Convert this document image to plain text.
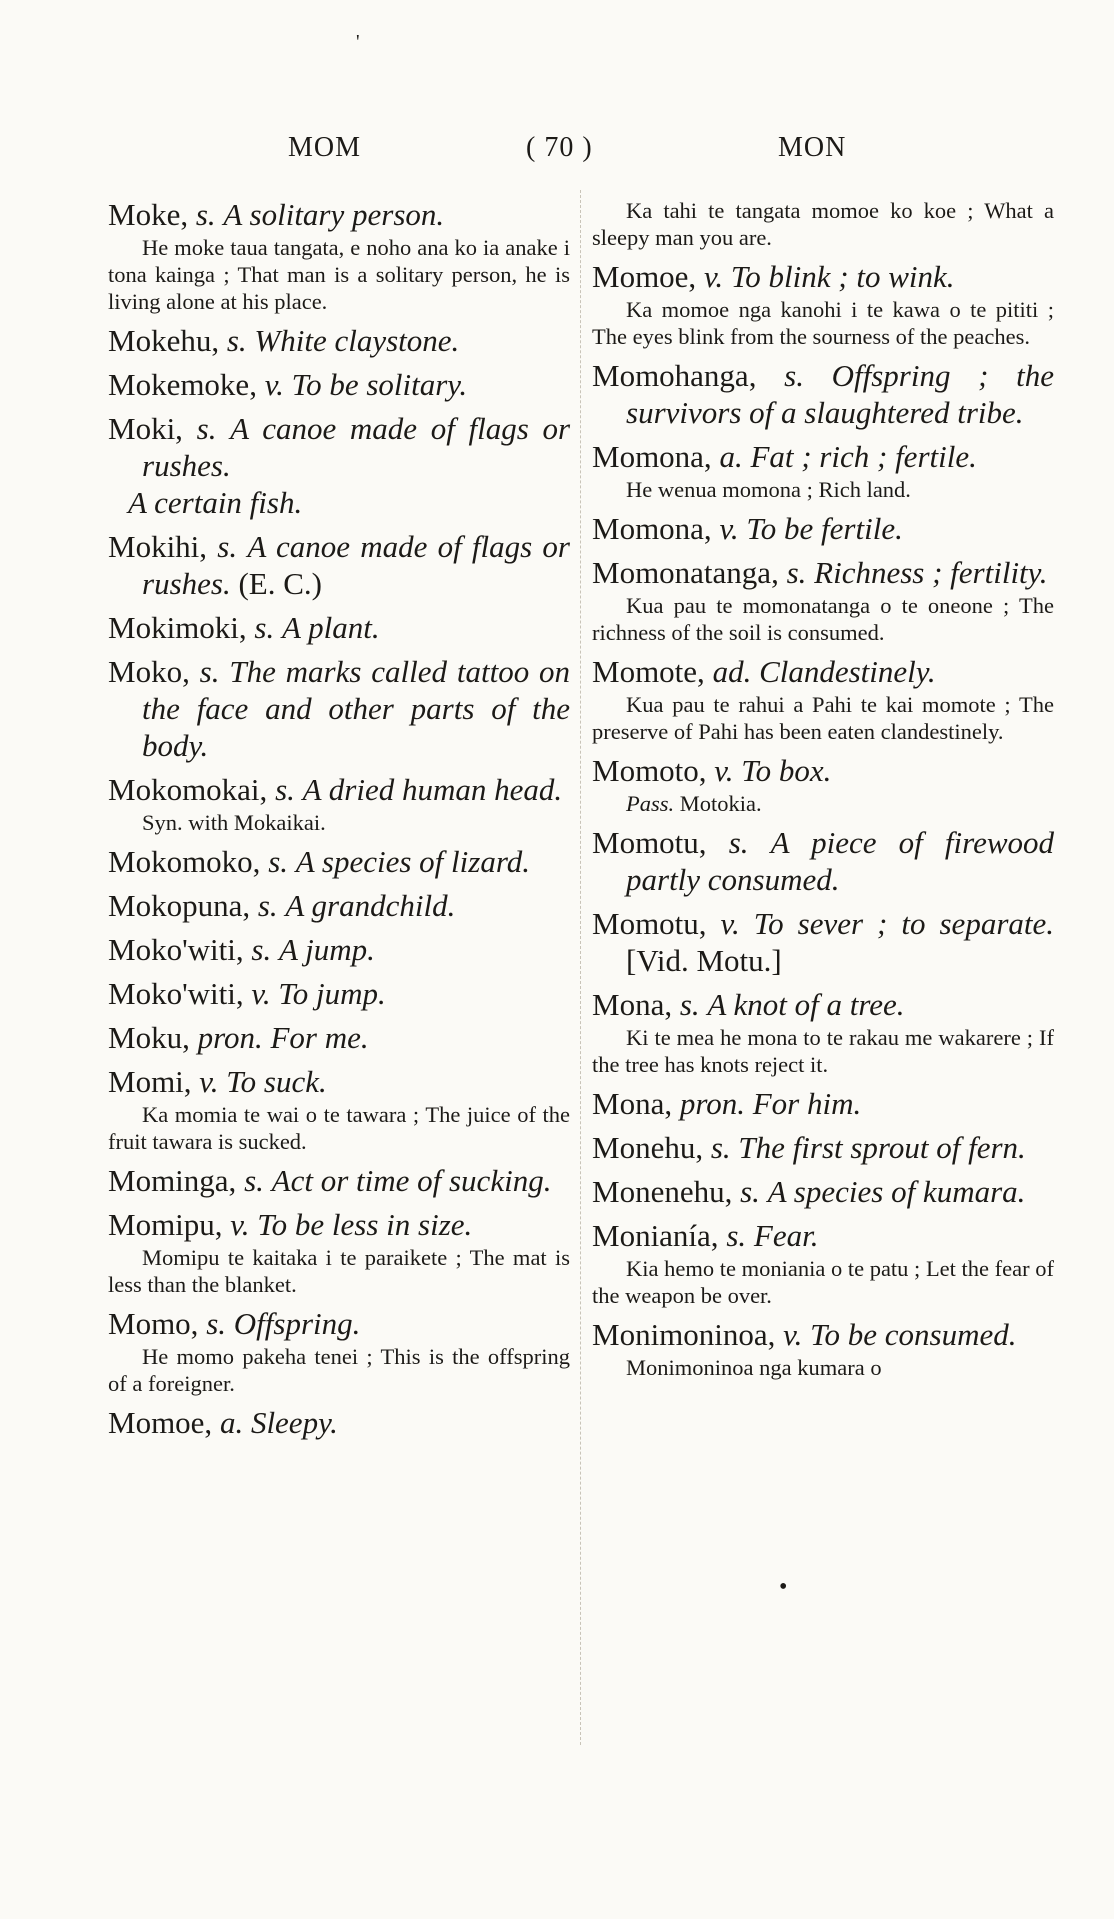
'
MOM	( 70 )	MON

Moke, s. A solitary person.

He moke taua tangata, e noho ana ko ia anake i tona kainga ; That man is a solitary person, he is living alone at his place.

Mokehu, s. White claystone.

Mokemoke, v. To be solitary.

Moki, s. A canoe made of flags or rushes.

A certain fish.

Mokihi, s. A canoe made of flags or rushes. (E. C.)

Mokimoki, s. A plant.

Moko, s. The marks called tattoo on the face and other parts of the body.

Mokomokai, s. A dried human head.

Syn. with Mokaikai.

Mokomoko, s. A species of lizard.

Mokopuna, s. A grandchild.

Moko'witi, s. A jump.

Moko'witi, v. To jump.

Moku, pron. For me.

Momi, v. To suck.

Ka momia te wai o te tawara ; The juice of the fruit tawara is sucked.

Mominga, s. Act or time of sucking.

Momipu, v. To be less in size.

Momipu te kaitaka i te paraikete ; The mat is less than the blanket.

Momo, s. Offspring.

He momo pakeha tenei ; This is the offspring of a foreigner.

Momoe, a. Sleepy.

Ka tahi te tangata momoe ko koe ; What a sleepy man you are.

Momoe, v. To blink ; to wink.

Ka momoe nga kanohi i te kawa o te pititi ; The eyes blink from the sourness of the peaches.

Momohanga, s. Offspring ; the survivors of a slaughtered tribe.

Momona, a. Fat ; rich ; fertile.

He wenua momona ; Rich land.

Momona, v. To be fertile.

Momonatanga, s. Richness ; fertility.

Kua pau te momonatanga o te oneone ; The richness of the soil is consumed.

Momote, ad. Clandestinely.

Kua pau te rahui a Pahi te kai momote ; The preserve of Pahi has been eaten clandestinely.

Momoto, v. To box.

Pass. Motokia.

Momotu, s. A piece of firewood partly consumed.

Momotu, v. To sever ; to separate. [Vid. Motu.]

Mona, s. A knot of a tree.

Ki te mea he mona to te rakau me wakarere ; If the tree has knots reject it.

Mona, pron. For him.

Monehu, s. The first sprout of fern.

Monenehu, s. A species of kumara.

Monianía, s. Fear.

Kia hemo te moniania o te patu ; Let the fear of the weapon be over.

Monimoninoa, v. To be consumed.

Monimoninoa nga kumara o

•
